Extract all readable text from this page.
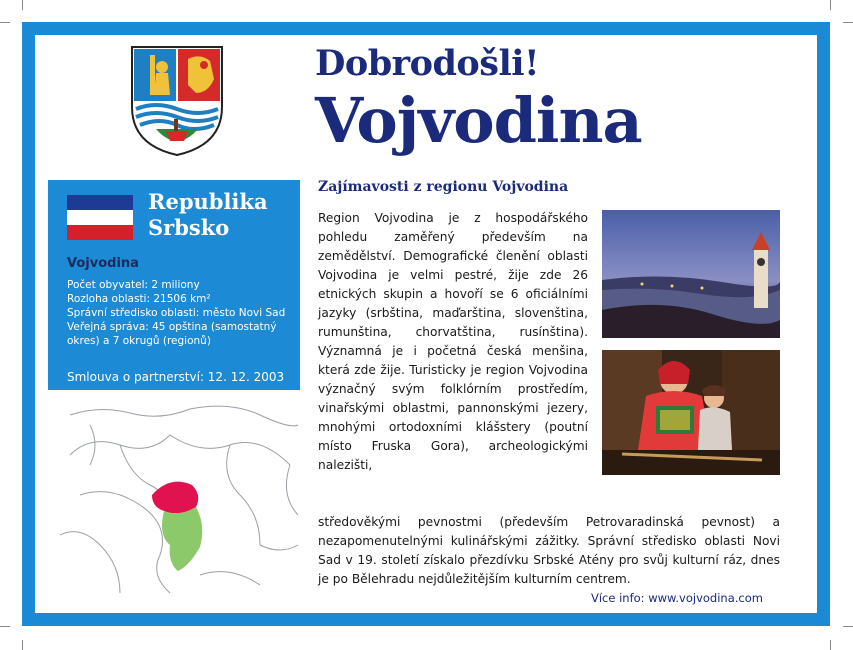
Dobrodošli!
Vojvodina
Republika
Srbsko
Vojvodina
Počet obyvatel: 2 miliony
Rozloha oblasti: 21506 km²
Správní středisko oblasti: město Novi Sad
Veřejná správa: 45 opština (samostatný
okres) a 7 okrugů (regionů)
Smlouva o partnerství: 12. 12. 2003
Zajímavosti z regionu Vojvodina
Region Vojvodina je z hospodářského pohledu zaměřený především na zemědělství. Demografické členění oblasti Vojvodina je velmi pestré, žije zde 26 etnických skupin a hovoří se 6 oficiálními jazyky (srbština, maďarština, slovenština, rumunština, chorvatština, rusínština). Významná je i početná česká menšina, která zde žije. Turisticky je region Vojvodina význačný svým folklórním prostředím, vinařskými oblastmi, pannonskými jezery, mnohými ortodoxními klášstery (poutní místo Fruska Gora), archeologickými nalezišti,
středověkými pevnostmi (především Petrovaradinská pevnost) a nezapomenutelnými kulinářskými zážitky. Správní středisko oblasti Novi Sad v 19. století získalo přezdívku Srbské Atény pro svůj kulturní ráz, dnes je po Bělehradu nejdůležitějším kulturním centrem.
Více info: www.vojvodina.com
